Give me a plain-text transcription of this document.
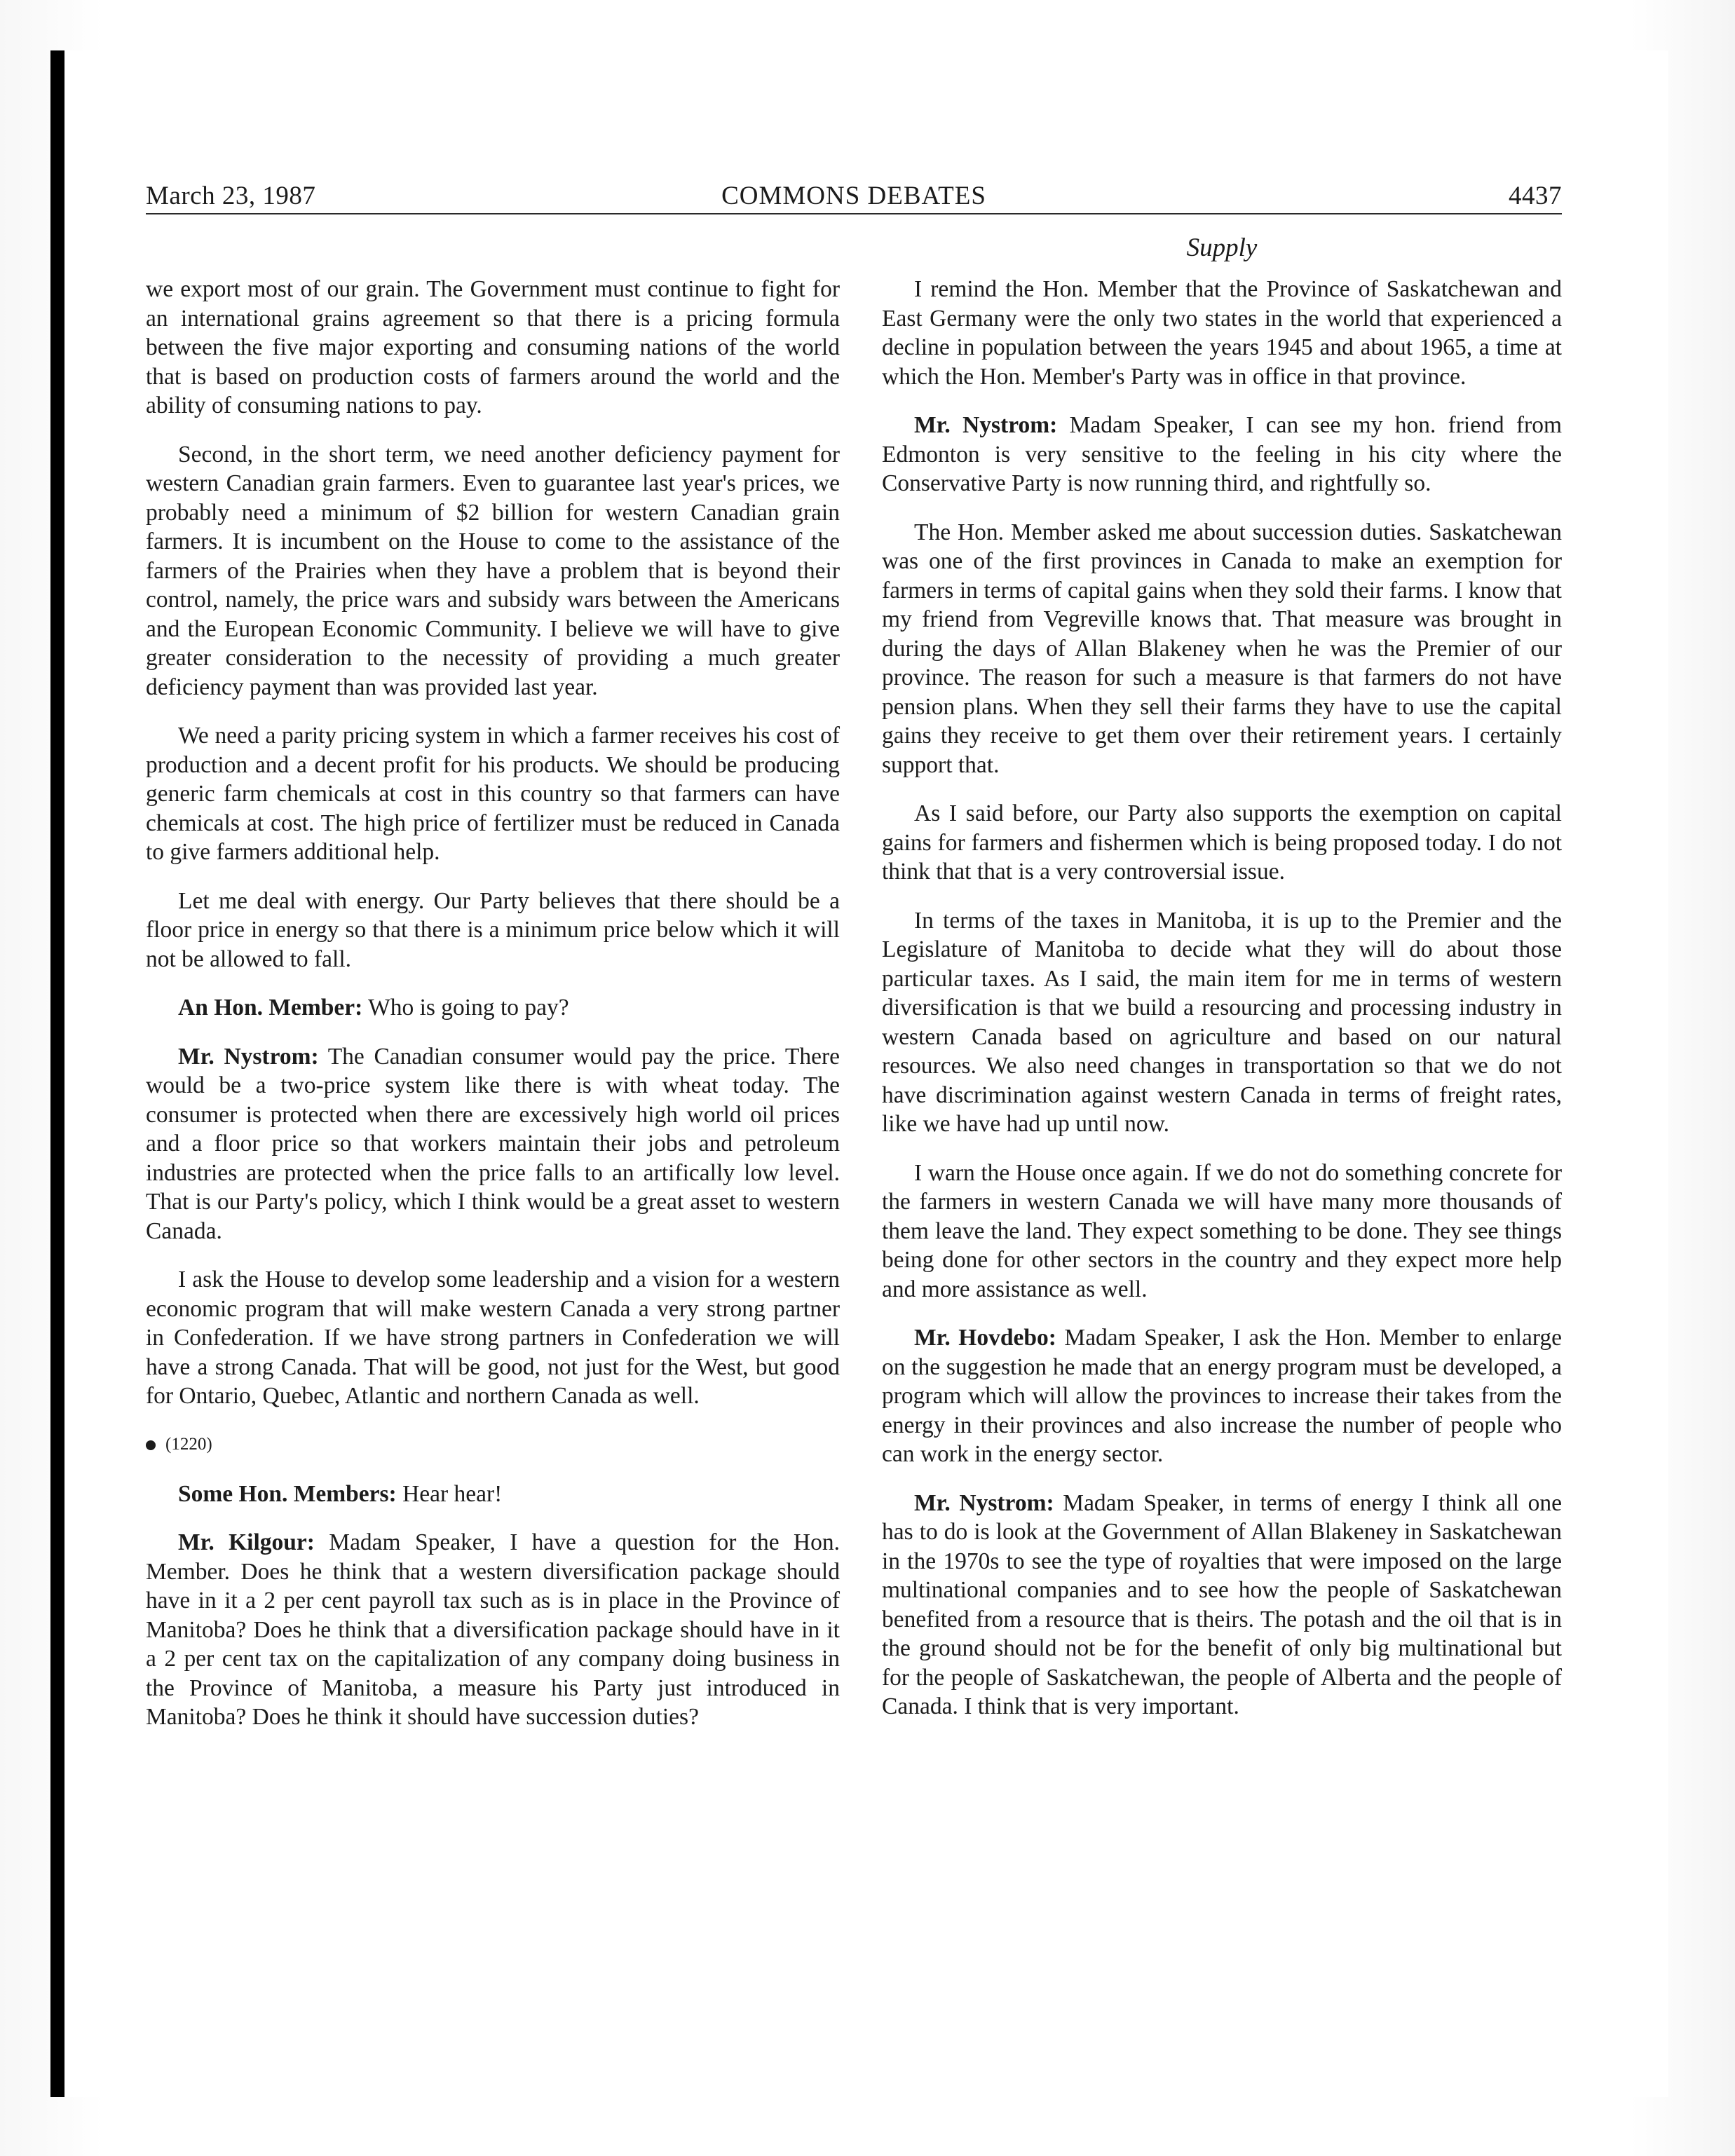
COMMONS DEBATES
March 23, 1987	4437
Supply

we export most of our grain. The Government must continue to fight for an international grains agreement so that there is a pricing formula between the five major exporting and consuming nations of the world that is based on production costs of farmers around the world and the ability of consuming nations to pay.

Second, in the short term, we need another deficiency payment for western Canadian grain farmers. Even to guarantee last year's prices, we probably need a minimum of $2 billion for western Canadian grain farmers. It is incumbent on the House to come to the assistance of the farmers of the Prairies when they have a problem that is beyond their control, namely, the price wars and subsidy wars between the Americans and the European Economic Community. I believe we will have to give greater consideration to the necessity of providing a much greater deficiency payment than was provided last year.

We need a parity pricing system in which a farmer receives his cost of production and a decent profit for his products. We should be producing generic farm chemicals at cost in this country so that farmers can have chemicals at cost. The high price of fertilizer must be reduced in Canada to give farmers additional help.

Let me deal with energy. Our Party believes that there should be a floor price in energy so that there is a minimum price below which it will not be allowed to fall.

An Hon. Member: Who is going to pay?

Mr. Nystrom: The Canadian consumer would pay the price. There would be a two-price system like there is with wheat today. The consumer is protected when there are excessively high world oil prices and a floor price so that workers maintain their jobs and petroleum industries are protected when the price falls to an artifically low level. That is our Party's policy, which I think would be a great asset to western Canada.

I ask the House to develop some leadership and a vision for a western economic program that will make western Canada a very strong partner in Confederation. If we have strong partners in Confederation we will have a strong Canada. That will be good, not just for the West, but good for Ontario, Quebec, Atlantic and northern Canada as well.

(1220)

Some Hon. Members: Hear hear!

Mr. Kilgour: Madam Speaker, I have a question for the Hon. Member. Does he think that a western diversification package should have in it a 2 per cent payroll tax such as is in place in the Province of Manitoba? Does he think that a diversification package should have in it a 2 per cent tax on the capitalization of any company doing business in the Province of Manitoba, a measure his Party just introduced in Manitoba? Does he think it should have succession duties?

I remind the Hon. Member that the Province of Saskatchewan and East Germany were the only two states in the world that experienced a decline in population between the years 1945 and about 1965, a time at which the Hon. Member's Party was in office in that province.

Mr. Nystrom: Madam Speaker, I can see my hon. friend from Edmonton is very sensitive to the feeling in his city where the Conservative Party is now running third, and rightfully so.

The Hon. Member asked me about succession duties. Saskatchewan was one of the first provinces in Canada to make an exemption for farmers in terms of capital gains when they sold their farms. I know that my friend from Vegreville knows that. That measure was brought in during the days of Allan Blakeney when he was the Premier of our province. The reason for such a measure is that farmers do not have pension plans. When they sell their farms they have to use the capital gains they receive to get them over their retirement years. I certainly support that.

As I said before, our Party also supports the exemption on capital gains for farmers and fishermen which is being proposed today. I do not think that that is a very controversial issue.

In terms of the taxes in Manitoba, it is up to the Premier and the Legislature of Manitoba to decide what they will do about those particular taxes. As I said, the main item for me in terms of western diversification is that we build a resourcing and processing industry in western Canada based on agriculture and based on our natural resources. We also need changes in transportation so that we do not have discrimination against western Canada in terms of freight rates, like we have had up until now.

I warn the House once again. If we do not do something concrete for the farmers in western Canada we will have many more thousands of them leave the land. They expect something to be done. They see things being done for other sectors in the country and they expect more help and more assistance as well.

Mr. Hovdebo: Madam Speaker, I ask the Hon. Member to enlarge on the suggestion he made that an energy program must be developed, a program which will allow the provinces to increase their takes from the energy in their provinces and also increase the number of people who can work in the energy sector.

Mr. Nystrom: Madam Speaker, in terms of energy I think all one has to do is look at the Government of Allan Blakeney in Saskatchewan in the 1970s to see the type of royalties that were imposed on the large multinational companies and to see how the people of Saskatchewan benefited from a resource that is theirs. The potash and the oil that is in the ground should not be for the benefit of only big multinational but for the people of Saskatchewan, the people of Alberta and the people of Canada. I think that is very important.
